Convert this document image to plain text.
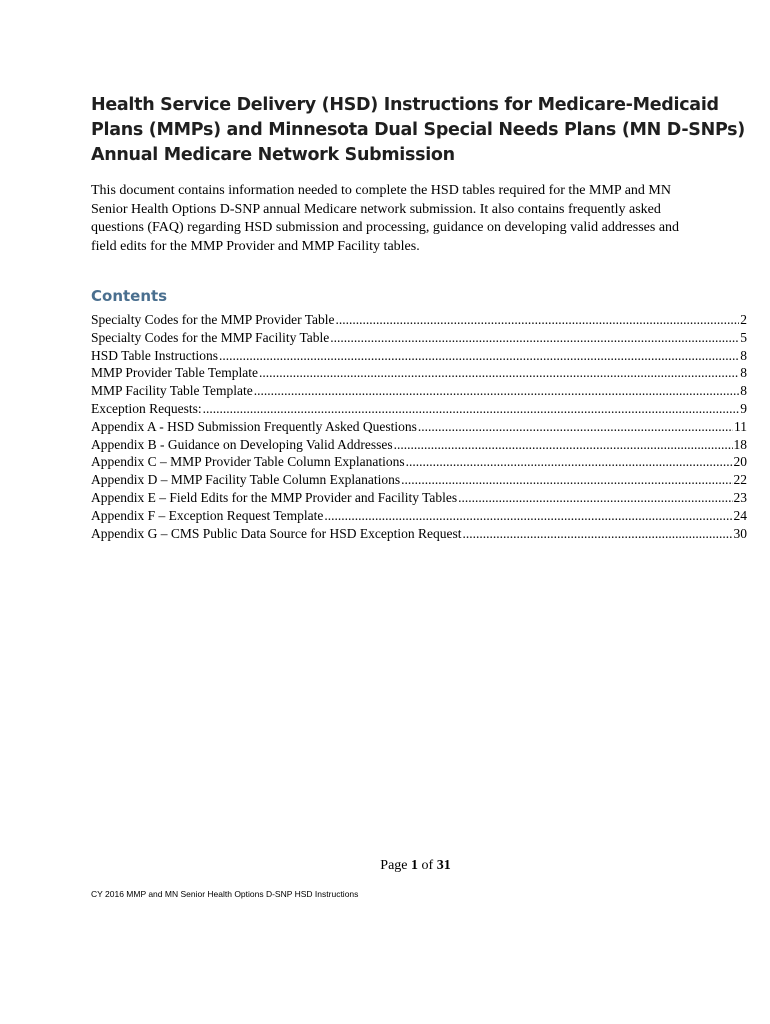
Health Service Delivery (HSD) Instructions for Medicare-Medicaid
Plans (MMPs) and Minnesota Dual Special Needs Plans (MN D-SNPs)
Annual Medicare Network Submission

This document contains information needed to complete the HSD tables required for the MMP and MN
Senior Health Options D-SNP annual Medicare network submission. It also contains frequently asked
questions (FAQ) regarding HSD submission and processing, guidance on developing valid addresses and
field edits for the MMP Provider and MMP Facility tables.

Contents
Specialty Codes for the MMP Provider Table .....	2
Specialty Codes for the MMP Facility Table .....	5
HSD Table Instructions .....	8
MMP Provider Table Template .....	8
MMP Facility Table Template .....	8
Exception Requests: .....	9
Appendix A - HSD Submission Frequently Asked Questions .....	11
Appendix B - Guidance on Developing Valid Addresses .....	18
Appendix C – MMP Provider Table Column Explanations .....	20
Appendix D – MMP Facility Table Column Explanations .....	22
Appendix E – Field Edits for the MMP Provider and Facility Tables .....	23
Appendix F – Exception Request Template .....	24
Appendix G – CMS Public Data Source for HSD Exception Request .....	30
Page 1 of 31
CY 2016 MMP and MN Senior Health Options D-SNP HSD Instructions
